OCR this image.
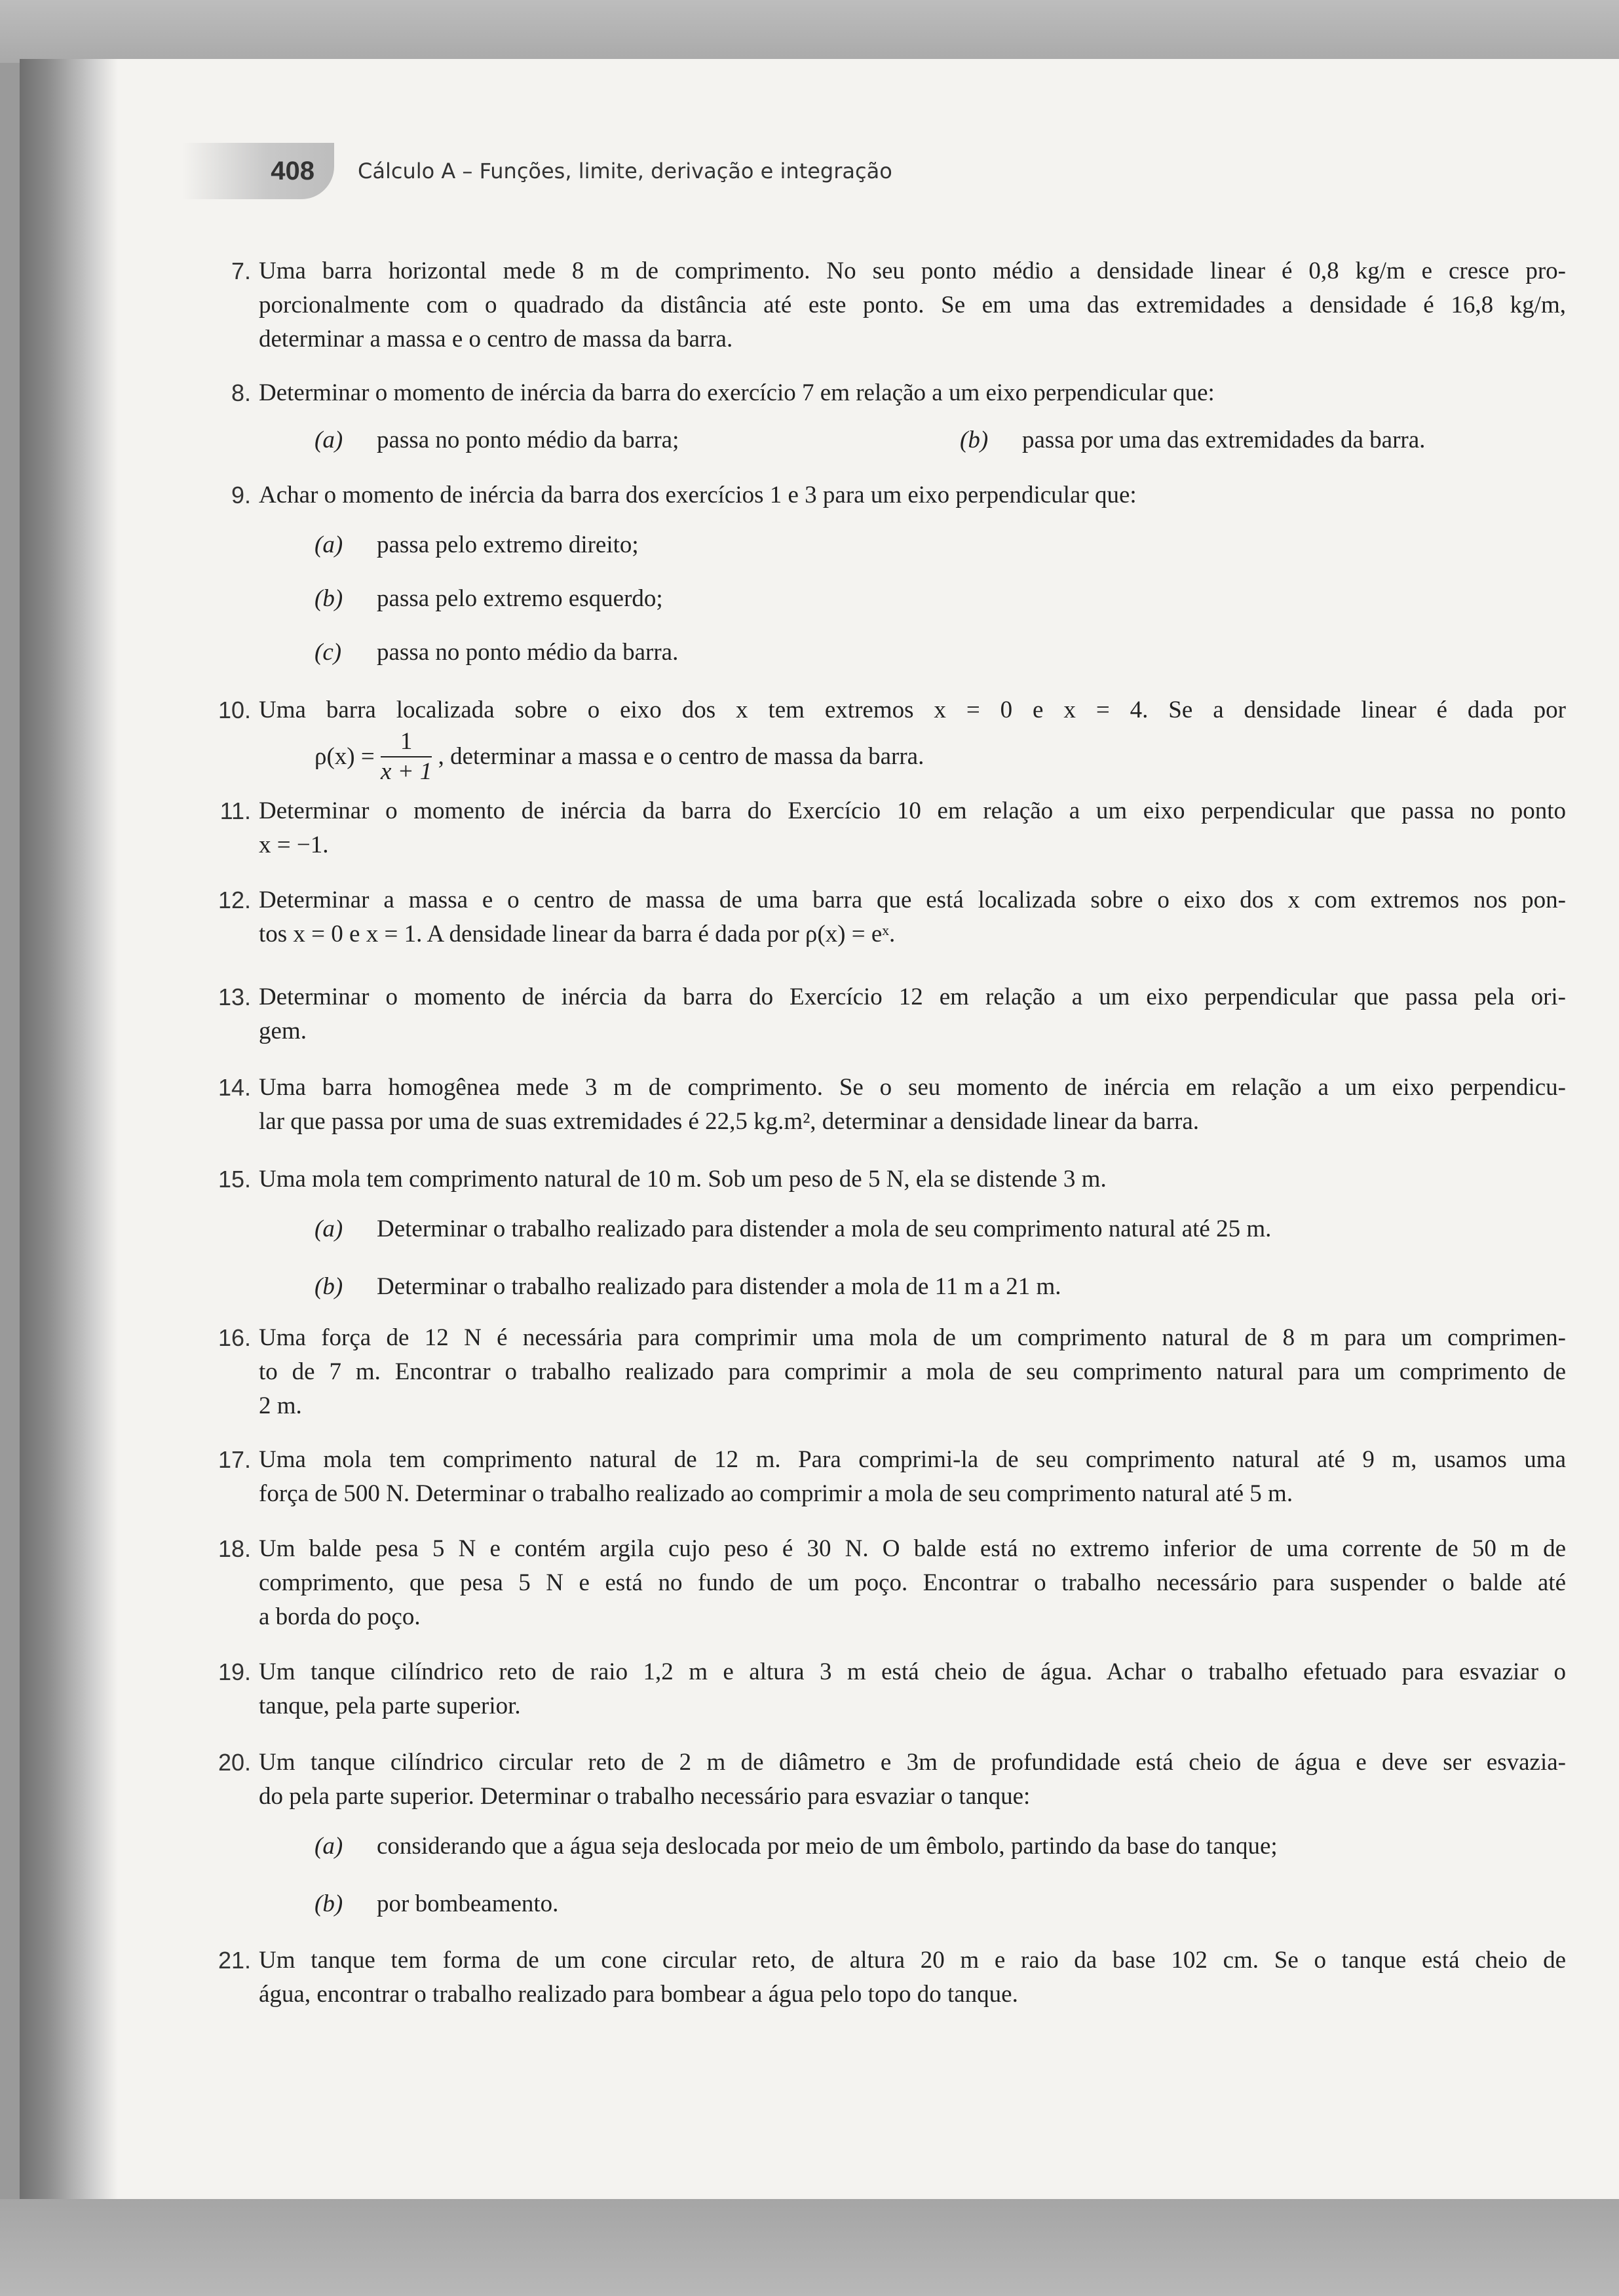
408 Cálculo A – Funções, limite, derivação e integração
7. Uma barra horizontal mede 8 m de comprimento. No seu ponto médio a densidade linear é 0,8 kg/m e cresce pro-
porcionalmente com o quadrado da distância até este ponto. Se em uma das extremidades a densidade é 16,8 kg/m,
determinar a massa e o centro de massa da barra.
8. Determinar o momento de inércia da barra do exercício 7 em relação a um eixo perpendicular que:
(a) passa no ponto médio da barra;	(b) passa por uma das extremidades da barra.
9. Achar o momento de inércia da barra dos exercícios 1 e 3 para um eixo perpendicular que:
(a) passa pelo extremo direito;
(b) passa pelo extremo esquerdo;
(c) passa no ponto médio da barra.
10. Uma barra localizada sobre o eixo dos x tem extremos x = 0 e x = 4. Se a densidade linear é dada por
$\rho(x) = \frac{1}{x + 1}$ , determinar a massa e o centro de massa da barra.
11. Determinar o momento de inércia da barra do Exercício 10 em relação a um eixo perpendicular que passa no ponto
x = −1.
12. Determinar a massa e o centro de massa de uma barra que está localizada sobre o eixo dos x com extremos nos pon-
tos x = 0 e x = 1. A densidade linear da barra é dada por ρ(x) = eˣ.
13. Determinar o momento de inércia da barra do Exercício 12 em relação a um eixo perpendicular que passa pela ori-
gem.
14. Uma barra homogênea mede 3 m de comprimento. Se o seu momento de inércia em relação a um eixo perpendicu-
lar que passa por uma de suas extremidades é 22,5 kg.m², determinar a densidade linear da barra.
15. Uma mola tem comprimento natural de 10 m. Sob um peso de 5 N, ela se distende 3 m.
(a) Determinar o trabalho realizado para distender a mola de seu comprimento natural até 25 m.
(b) Determinar o trabalho realizado para distender a mola de 11 m a 21 m.
16. Uma força de 12 N é necessária para comprimir uma mola de um comprimento natural de 8 m para um comprimen-
to de 7 m. Encontrar o trabalho realizado para comprimir a mola de seu comprimento natural para um comprimento de
2 m.
17. Uma mola tem comprimento natural de 12 m. Para comprimi-la de seu comprimento natural até 9 m, usamos uma
força de 500 N. Determinar o trabalho realizado ao comprimir a mola de seu comprimento natural até 5 m.
18. Um balde pesa 5 N e contém argila cujo peso é 30 N. O balde está no extremo inferior de uma corrente de 50 m de
comprimento, que pesa 5 N e está no fundo de um poço. Encontrar o trabalho necessário para suspender o balde até
a borda do poço.
19. Um tanque cilíndrico reto de raio 1,2 m e altura 3 m está cheio de água. Achar o trabalho efetuado para esvaziar o
tanque, pela parte superior.
20. Um tanque cilíndrico circular reto de 2 m de diâmetro e 3m de profundidade está cheio de água e deve ser esvazia-
do pela parte superior. Determinar o trabalho necessário para esvaziar o tanque:
(a) considerando que a água seja deslocada por meio de um êmbolo, partindo da base do tanque;
(b) por bombeamento.
21. Um tanque tem forma de um cone circular reto, de altura 20 m e raio da base 102 cm. Se o tanque está cheio de
água, encontrar o trabalho realizado para bombear a água pelo topo do tanque.
